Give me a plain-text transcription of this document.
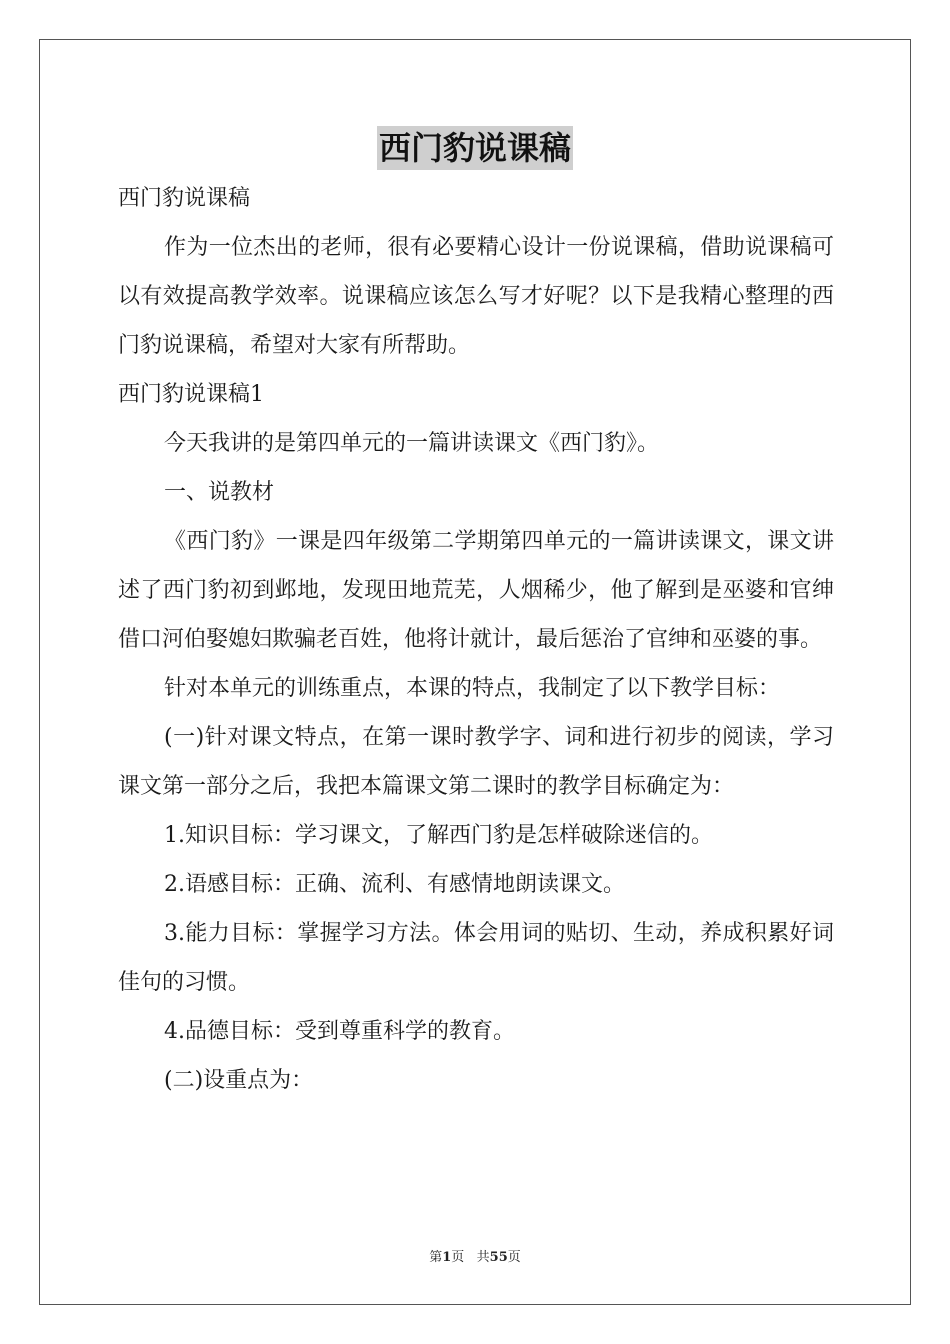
西门豹说课稿

西门豹说课稿

作为一位杰出的老师，很有必要精心设计一份说课稿，借助说课稿可以有效提高教学效率。说课稿应该怎么写才好呢？以下是我精心整理的西门豹说课稿，希望对大家有所帮助。

西门豹说课稿1

今天我讲的是第四单元的一篇讲读课文《西门豹》。

一、说教材

《西门豹》一课是四年级第二学期第四单元的一篇讲读课文，课文讲述了西门豹初到邺地，发现田地荒芜，人烟稀少，他了解到是巫婆和官绅借口河伯娶媳妇欺骗老百姓，他将计就计，最后惩治了官绅和巫婆的事。

针对本单元的训练重点，本课的特点，我制定了以下教学目标：

(一)针对课文特点，在第一课时教学字、词和进行初步的阅读，学习课文第一部分之后，我把本篇课文第二课时的教学目标确定为：

1.知识目标：学习课文，了解西门豹是怎样破除迷信的。

2.语感目标：正确、流利、有感情地朗读课文。

3.能力目标：掌握学习方法。体会用词的贴切、生动，养成积累好词佳句的习惯。

4.品德目标：受到尊重科学的教育。

(二)设重点为：

第1页   共55页
